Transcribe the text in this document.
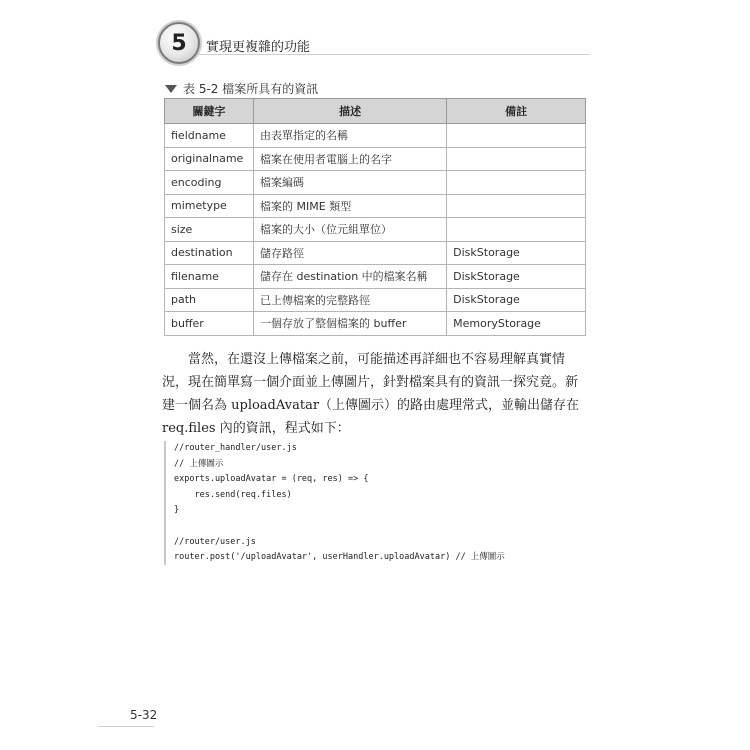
5 實現更複雜的功能
表 5-2 檔案所具有的資訊
關鍵字	描述	備註
fieldname	由表單指定的名稱	
originalname	檔案在使用者電腦上的名字	
encoding	檔案編碼	
mimetype	檔案的 MIME 類型	
size	檔案的大小（位元組單位）	
destination	儲存路徑	DiskStorage
filename	儲存在 destination 中的檔案名稱	DiskStorage
path	已上傳檔案的完整路徑	DiskStorage
buffer	一個存放了整個檔案的 buffer	MemoryStorage

當然，在還沒上傳檔案之前，可能描述再詳細也不容易理解真實情況，現在簡單寫一個介面並上傳圖片，針對檔案具有的資訊一探究竟。新建一個名為 uploadAvatar（上傳圖示）的路由處理常式，並輸出儲存在 req.files 內的資訊，程式如下：

//router_handler/user.js
// 上傳圖示
exports.uploadAvatar = (req, res) => {
res.send(req.files)
}
//router/user.js
router.post('/uploadAvatar', userHandler.uploadAvatar) // 上傳圖示
5-32
